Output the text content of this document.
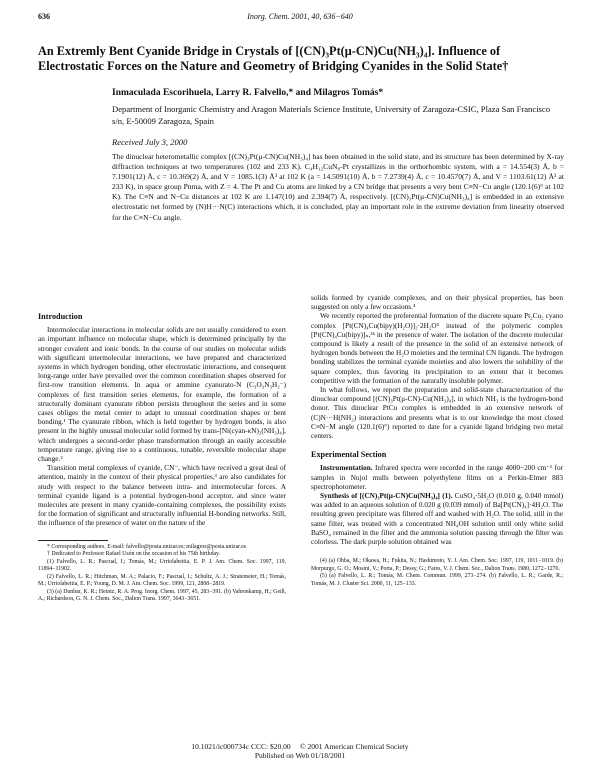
636	Inorg. Chem. 2001, 40, 636−640
An Extremly Bent Cyanide Bridge in Crystals of [(CN)₃Pt(μ-CN)Cu(NH₃)₄]. Influence of Electrostatic Forces on the Nature and Geometry of Bridging Cyanides in the Solid State†
Inmaculada Escorihuela, Larry R. Falvello,* and Milagros Tomás*
Department of Inorganic Chemistry and Aragon Materials Science Institute, University of Zaragoza-CSIC, Plaza San Francisco s/n, E-50009 Zaragoza, Spain
Received July 3, 2000
The dinuclear heterometallic complex [(CN)₃Pt(μ-CN)Cu(NH₃)₄] has been obtained in the solid state, and its structure has been determined by X-ray diffraction techniques at two temperatures (102 and 233 K). C₄H₁₂CuN₈-Pt crystallizes in the orthorhombic system, with a = 14.554(3) Å, b = 7.1901(12) Å, c = 10.369(2) Å, and V = 1085.1(3) Å³ at 102 K (a = 14.5091(10) Å, b = 7.2739(4) Å, c = 10.4570(7) Å, and V = 1103.61(12) Å³ at 233 K), in space group Pnma, with Z = 4. The Pt and Cu atoms are linked by a CN bridge that presents a very bent C≡N−Cu angle (120.1(6)° at 102 K). The C≡N and N−Cu distances at 102 K are 1.147(10) and 2.394(7) Å, respectively. [(CN)₃Pt(μ-CN)Cu(NH₃)₄] is embedded in an extensive electrostatic net formed by (N)H···N(C) interactions which, it is concluded, play an important role in the extreme deviation from linearity observed for the C≡N−Cu angle.
Introduction

Intermolecular interactions in molecular solids are not usually considered to exert an important influence on molecular shape, which is determined principally by the stronger covalent and ionic bonds. In the course of our studies on molecular solids with significant intermolecular interactions, we have prepared and characterized systems in which hydrogen bonding, other electrostatic interactions, and consequent long-range order have prevailed over the common coordination shapes observed for first-row transition elements. In aqua or ammine cyanurato-N (C₃O₃N₃H₂⁻) complexes of first transition series elements, for example, the formation of a structurally dominant cyanurate ribbon persists throughout the series and in some cases obliges the metal center to adapt to unusual coordination shapes or bent bonding.¹ The cyanurate ribbon, which is held together by hydrogen bonds, is also present in the highly unusual molecular solid formed by trans-[Ni(cyan-κN)₂(NH₃)₄], which undergoes a second-order phase transformation through an easily accessible temperature range, giving rise to a continuous, tunable, reversible molecular shape change.²

Transition metal complexes of cyanide, CN⁻, which have received a great deal of attention, mainly in the context of their physical properties,³ are also candidates for study with respect to the balance between intra- and intermolecular forces. A terminal cyanide ligand is a potential hydrogen-bond acceptor, and since water molecules are present in many cyanide-containing complexes, the possibility exists for the formation of significant and structurally influential H-bonding networks. Still, the influence of the presence of water on the nature of the

* Corresponding authors. E-mail: falvello@posta.unizar.es; milagros@posta.unizar.es

† Dedicated to Professor Rafael Usón on the occasion of his 75th birthday.

(1) Falvello, L. R.; Pascual, I.; Tomás, M.; Urriolabeitia, E. P. J. Am. Chem. Soc. 1997, 119, 11894−11902.

(2) Falvello, L. R.; Hitchman, M. A.; Palacio, F.; Pascual, I.; Schultz, A. J.; Stratemeier, H.; Tomás, M.; Urriolabeitia, E. P.; Young, D. M. J. Am. Chem. Soc. 1999, 121, 2808−2819.

(3) (a) Dunbar, K. R.; Heintz, R. A. Prog. Inorg. Chem. 1997, 45, 283−391. (b) Vahrenkamp, H.; Geiß, A.; Richardson, G. N. J. Chem. Soc., Dalton Trans. 1997, 3643−3651.

solids formed by cyanide complexes, and on their physical properties, has been suggested on only a few occasions.⁴

We recently reported the preferential formation of the discrete square Pt₂Cu₂ cyano complex [Pt(CN)₄Cu(bipy)(H₂O)]₂·2H₂O⁵ instead of the polymeric complex [Pt(CN)₄Cu(bipy)]ₙ,³ᵇ in the presence of water. The isolation of the discrete molecular compound is likely a result of the presence in the solid of an extensive network of hydrogen bonds between the H₂O moieties and the terminal CN ligands. The hydrogen bonding stabilizes the terminal cyanide moieties and also lowers the solubility of the square complex, thus favoring its precipitation to an extent that it becomes competitive with the formation of the naturally insoluble polymer.

In what follows, we report the preparation and solid-state characterization of the dinuclear compound [(CN)₃Pt(μ-CN)-Cu(NH₃)₄], in which NH₃ is the hydrogen-bond donor. This dinuclear PtCu complex is embedded in an extensive network of (C)N···H(NH₂) interactions and presents what is to our knowledge the most closed C≡N−M angle (120.1(6)°) reported to date for a cyanide ligand bridging two metal centers.

Experimental Section

Instrumentation. Infrared spectra were recorded in the range 4000−200 cm⁻¹ for samples in Nujol mulls between polyethylene films on a Perkin-Elmer 883 spectrophotometer.

Synthesis of [(CN)₃Pt(μ-CN)Cu(NH₃)₄] (1). CuSO₄·5H₂O (0.010 g, 0.040 mmol) was added to an aqueous solution of 0.020 g (0.039 mmol) of Ba[Pt(CN)₄]·4H₂O. The resulting green precipitate was filtered off and washed with H₂O. The solid, still in the same filter, was treated with a concentrated NH₄OH solution until only white solid BaSO₄ remained in the filter and the ammonia solution passing through the filter was colorless. The dark purple solution obtained was

(4) (a) Ohba, M.; Okawa, H.; Fukita, N.; Hashimoto, Y. J. Am. Chem. Soc. 1997, 119, 1011−1019. (b) Morpurgo, G. O.; Mosini, V.; Porta, P.; Dessy, G.; Fares, V. J. Chem. Soc., Dalton Trans. 1980, 1272−1276.

(5) (a) Falvello, L. R.; Tomás, M. Chem. Commun. 1999, 273−274. (b) Falvello, L. R.; Garde, R.; Tomás, M. J. Cluster Sci. 2000, 11, 125−133.

10.1021/ic000734c CCC: $20.00     © 2001 American Chemical Society
Published on Web 01/18/2001
